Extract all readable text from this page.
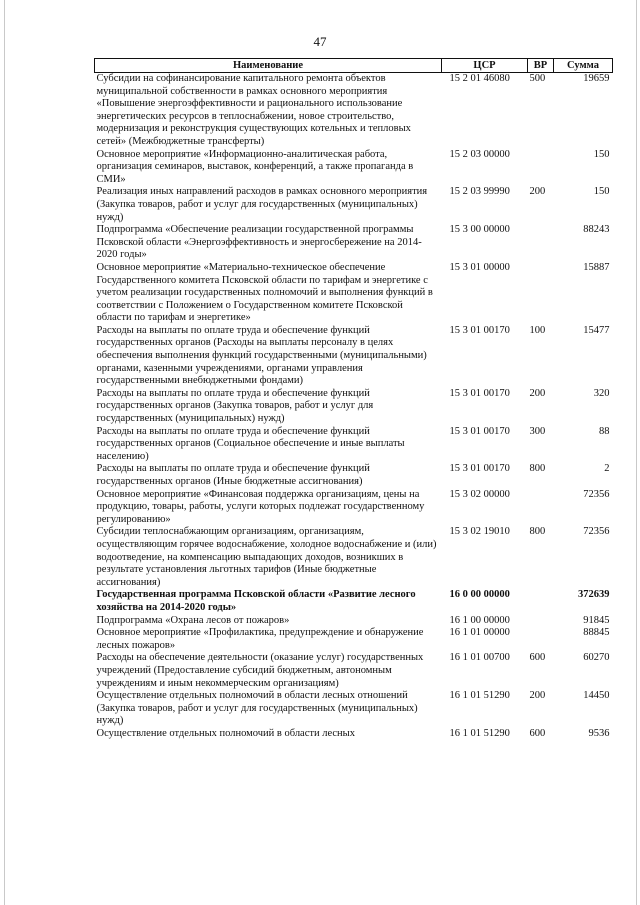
47
Наименование	ЦСР	ВР	Сумма
Субсидии на софинансирование капитального ремонта объектов муниципальной собственности в рамках основного мероприятия «Повышение энергоэффективности и рационального использование энергетических ресурсов в теплоснабжении, новое строительство, модернизация и реконструкция существующих котельных и тепловых сетей» (Межбюджетные трансферты)	15 2 01 46080	500	19659
Основное мероприятие «Информационно-аналитическая работа, организация семинаров, выставок, конференций, а также пропаганда в СМИ»	15 2 03 00000		150
Реализация иных направлений расходов в рамках основного мероприятия (Закупка товаров, работ и услуг для государственных (муниципальных) нужд)	15 2 03 99990	200	150
Подпрограмма «Обеспечение реализации государственной программы Псковской области «Энергоэффективность и энергосбережение на 2014-2020 годы»	15 3 00 00000		88243
Основное мероприятие «Материально-техническое обеспечение Государственного комитета Псковской области по тарифам и энергетике с учетом реализации государственных полномочий и выполнения функций в соответствии с Положением о Государственном комитете Псковской области по тарифам и энергетике»	15 3 01 00000		15887
Расходы на выплаты по оплате труда и обеспечение функций государственных органов (Расходы на выплаты персоналу в целях обеспечения выполнения функций государственными (муниципальными) органами, казенными учреждениями, органами управления государственными внебюджетными фондами)	15 3 01 00170	100	15477
Расходы на выплаты по оплате труда и обеспечение функций государственных органов (Закупка товаров, работ и услуг для государственных (муниципальных) нужд)	15 3 01 00170	200	320
Расходы на выплаты по оплате труда и обеспечение функций государственных органов (Социальное обеспечение и иные выплаты населению)	15 3 01 00170	300	88
Расходы на выплаты по оплате труда и обеспечение функций государственных органов (Иные бюджетные ассигнования)	15 3 01 00170	800	2
Основное мероприятие «Финансовая поддержка организациям, цены на продукцию, товары, работы, услуги которых подлежат государственному регулированию»	15 3 02 00000		72356
Субсидии теплоснабжающим организациям, организациям, осуществляющим горячее водоснабжение, холодное водоснабжение и (или) водоотведение, на компенсацию выпадающих доходов, возникших в результате установления льготных тарифов (Иные бюджетные ассигнования)	15 3 02 19010	800	72356
Государственная программа Псковской области «Развитие лесного хозяйства на 2014-2020 годы»	16 0 00 00000		372639
Подпрограмма «Охрана лесов от пожаров»	16 1 00 00000		91845
Основное мероприятие «Профилактика, предупреждение и обнаружение лесных пожаров»	16 1 01 00000		88845
Расходы на обеспечение деятельности (оказание услуг) государственных учреждений (Предоставление субсидий бюджетным, автономным учреждениям и иным некоммерческим организациям)	16 1 01 00700	600	60270
Осуществление отдельных полномочий в области лесных отношений (Закупка товаров, работ и услуг для государственных (муниципальных) нужд)	16 1 01 51290	200	14450
Осуществление отдельных полномочий в области лесных	16 1 01 51290	600	9536
